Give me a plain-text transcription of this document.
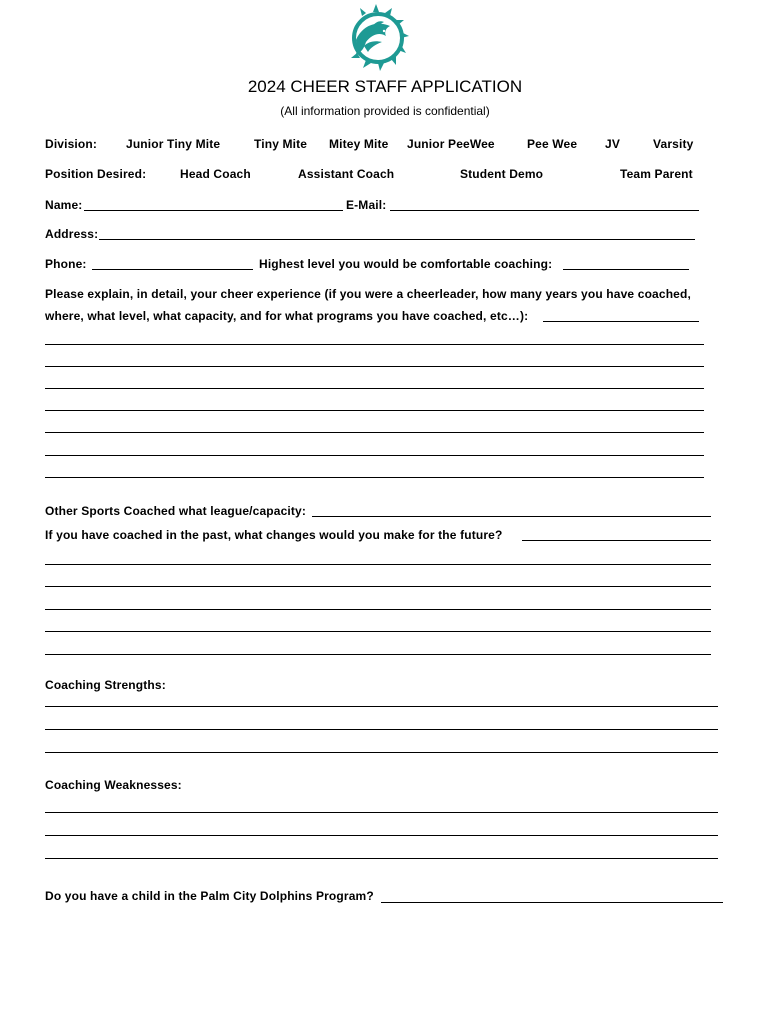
2024 CHEER STAFF APPLICATION
(All information provided is confidential)
Division: Junior Tiny Mite	Tiny Mite Mitey Mite Junior PeeWee	Pee Wee JV	Varsity
Position Desired:	Head Coach	Assistant Coach	Student Demo	Team Parent
Name:	E-Mail:
Address:
Phone:	Highest level you would be comfortable coaching:
Please explain, in detail, your cheer experience (if you were a cheerleader, how many years you have coached,
where, what level, what capacity, and for what programs you have coached, etc…):
Other Sports Coached what league/capacity:
If you have coached in the past, what changes would you make for the future?
Coaching Strengths:
Coaching Weaknesses:
Do you have a child in the Palm City Dolphins Program?
